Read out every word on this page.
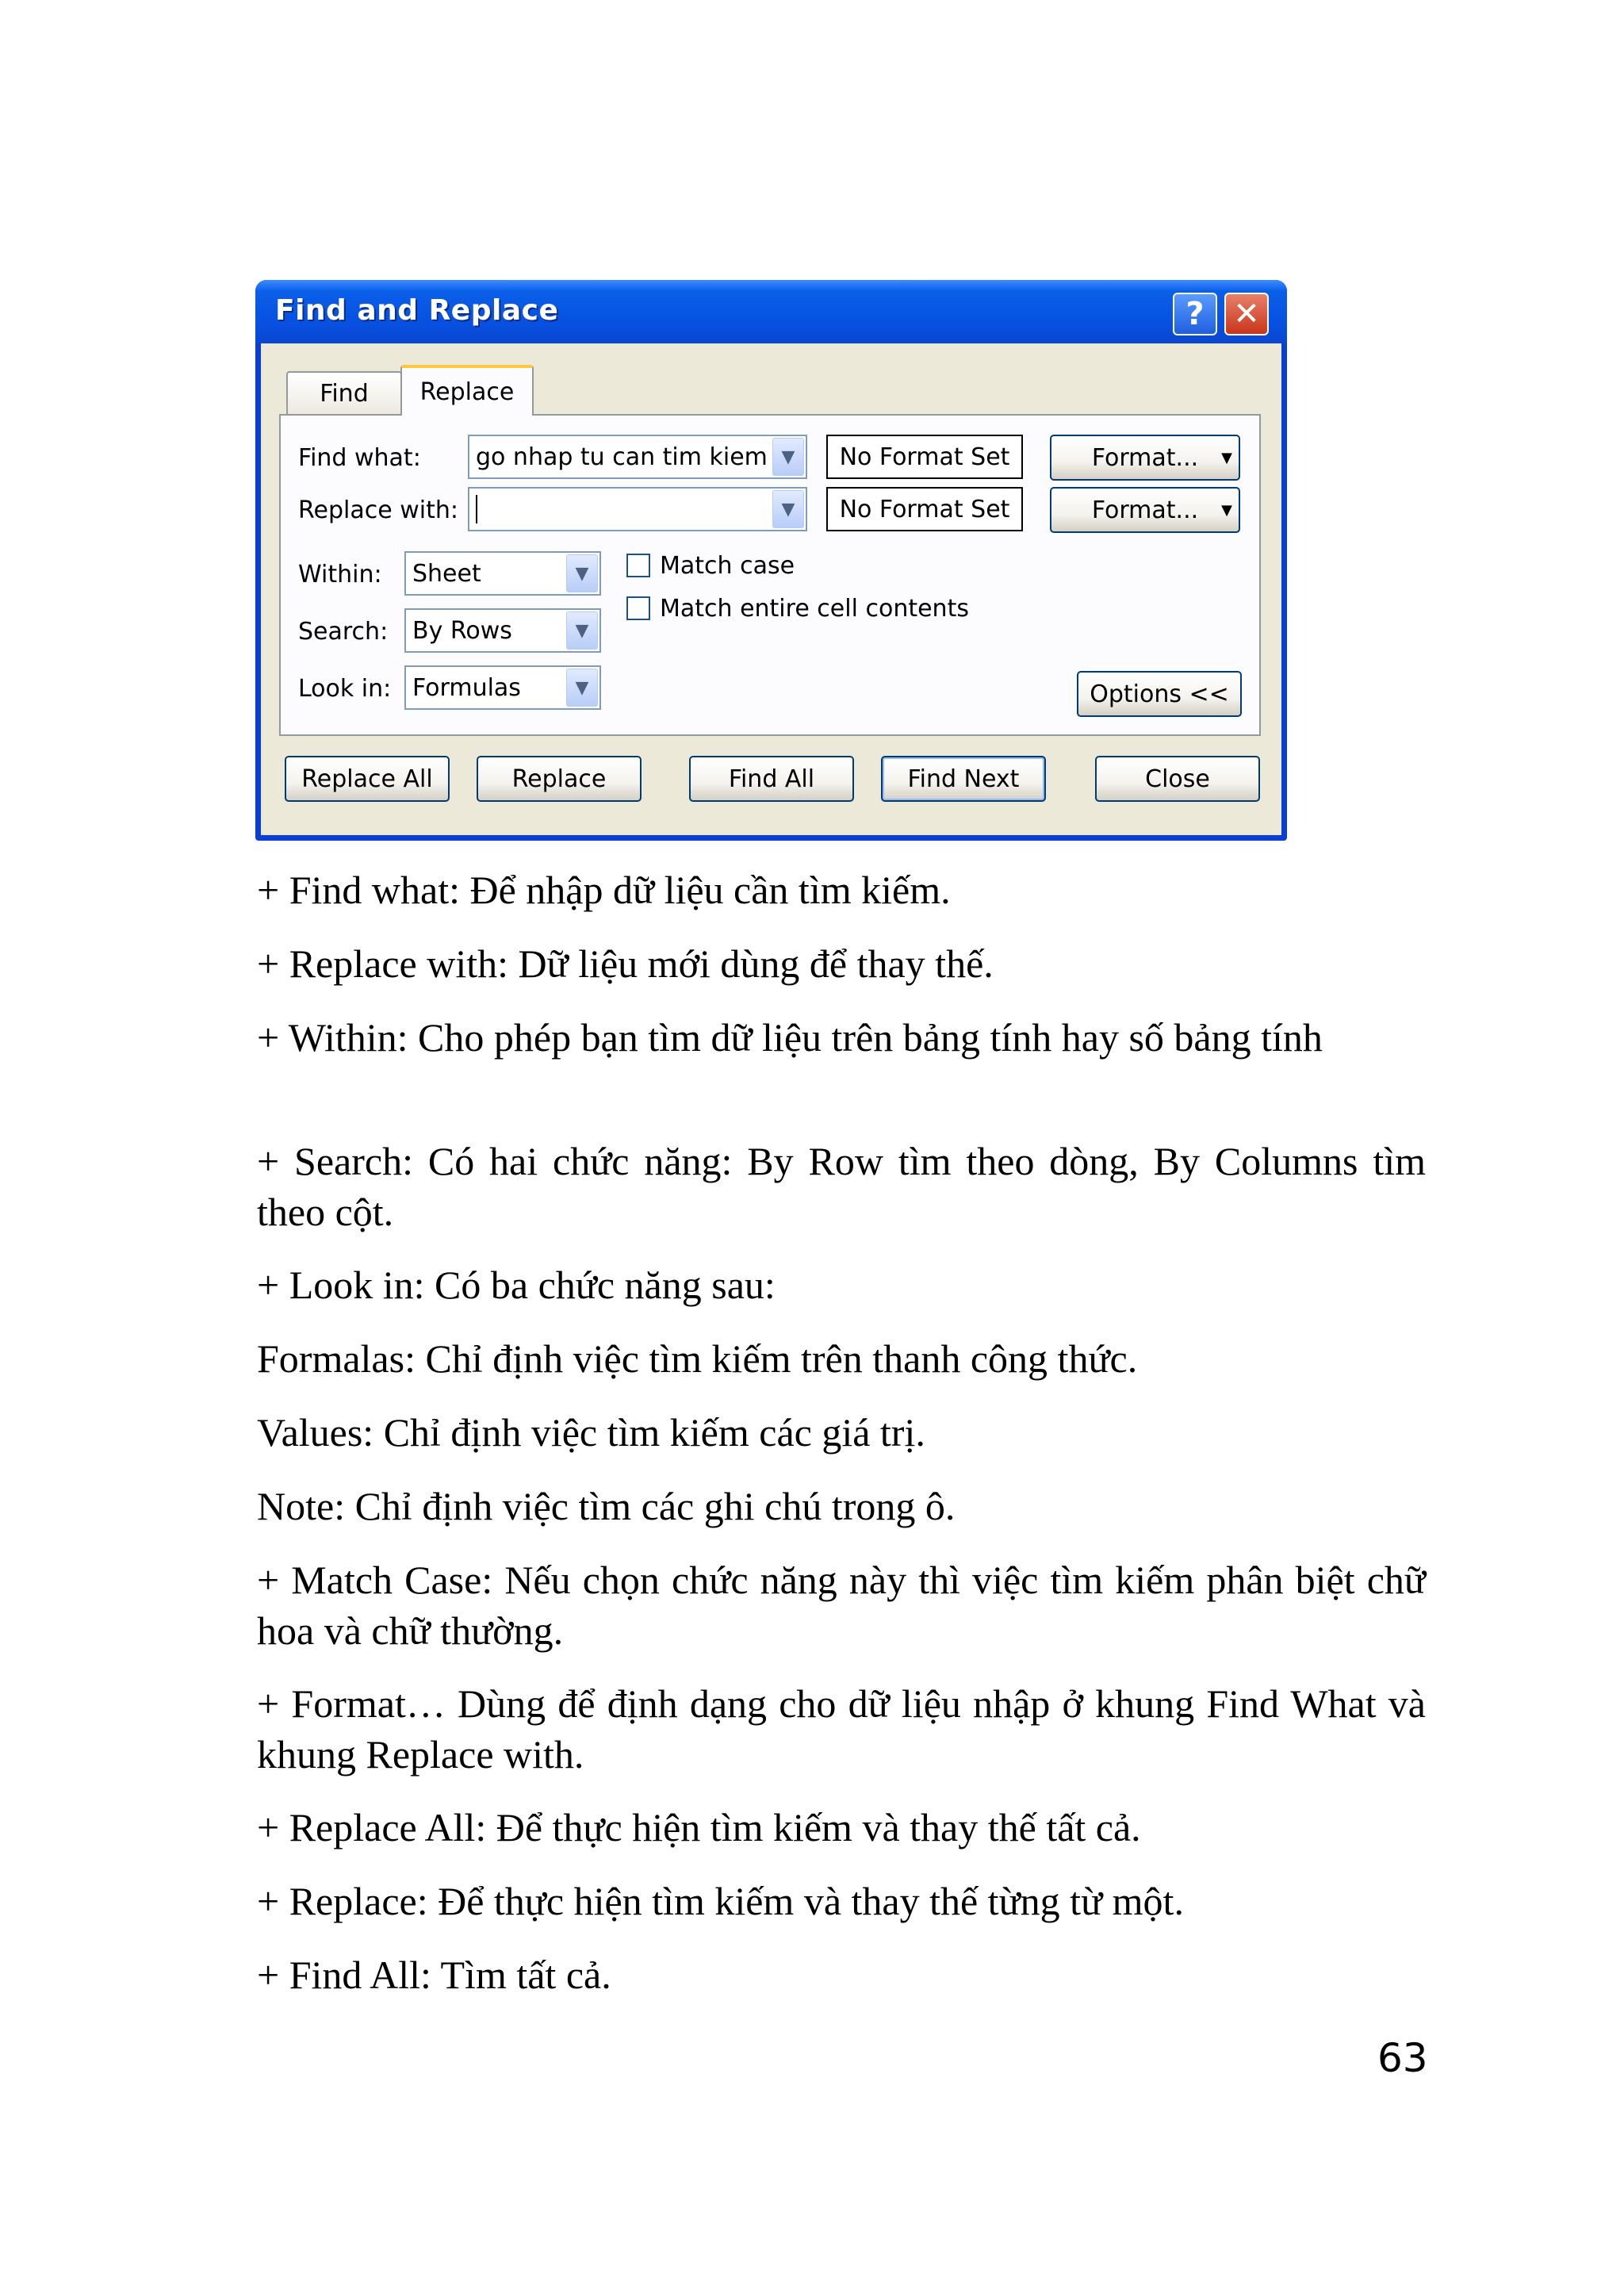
Find and Replace	? ✕
Find Replace
Find what: go nhap tu can tim kiem ▼	No Format Set	Format... ▼
Replace with:	▼	No Format Set	Format... ▼
Within: Sheet	▼
Search: By Rows	▼
Look in: Formulas	▼
Match case
Match entire cell contents
Options <<
Replace All	Replace	Find All	Find Next	Close
+ Find what: Để nhập dữ liệu cần tìm kiếm.
+ Replace with: Dữ liệu mới dùng để thay thế.
+ Within: Cho phép bạn tìm dữ liệu trên bảng tính hay số bảng tính
+ Search: Có hai chức năng: By Row tìm theo dòng, By Columns tìm theo cột.
+ Look in: Có ba chức năng sau:
Formalas: Chỉ định việc tìm kiếm trên thanh công thức.
Values: Chỉ định việc tìm kiếm các giá trị.
Note: Chỉ định việc tìm các ghi chú trong ô.
+ Match Case: Nếu chọn chức năng này thì việc tìm kiếm phân biệt chữ hoa và chữ thường.
+ Format… Dùng để định dạng cho dữ liệu nhập ở khung Find What và khung Replace with.
+ Replace All: Để thực hiện tìm kiếm và thay thế tất cả.
+ Replace: Để thực hiện tìm kiếm và thay thế từng từ một.
+ Find All: Tìm tất cả.
63
